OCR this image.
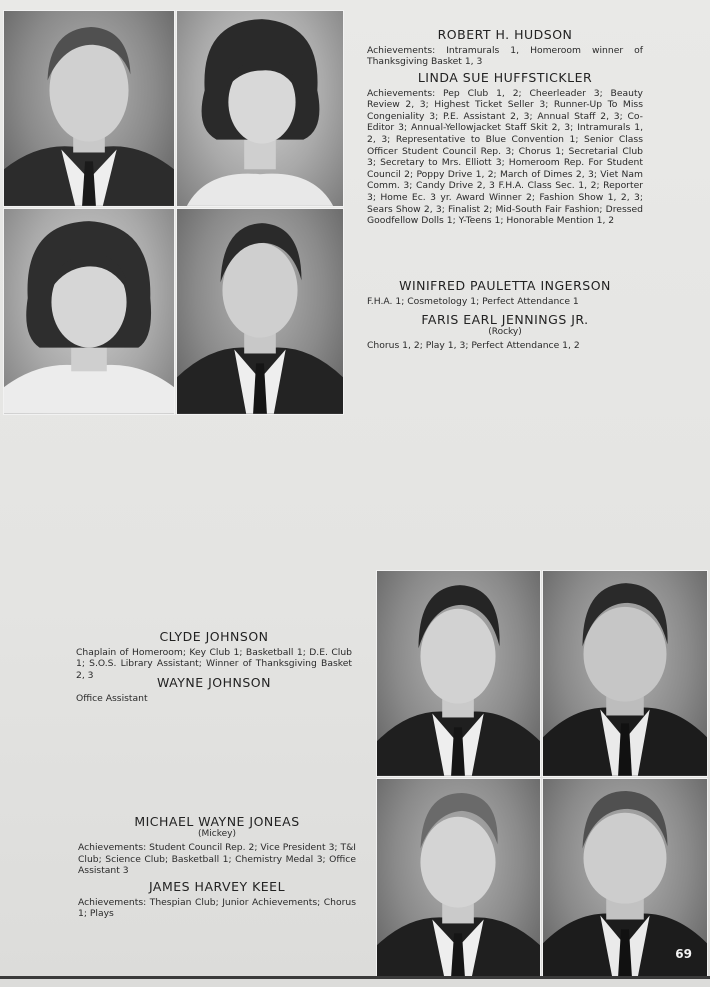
ROBERT H. HUDSON
Achievements: Intramurals 1, Homeroom winner of Thanksgiving Basket 1, 3
LINDA SUE HUFFSTICKLER
Achievements: Pep Club 1, 2; Cheerleader 3; Beauty Review 2, 3; Highest Ticket Seller 3; Runner-Up To Miss Congeniality 3; P.E. Assistant 2, 3; Annual Staff 2, 3; Co-Editor 3; Annual-Yellowjacket Staff Skit 2, 3; Intramurals 1, 2, 3; Representative to Blue Convention 1; Senior Class Officer Student Council Rep. 3; Chorus 1; Secretarial Club 3; Secretary to Mrs. Elliott 3; Homeroom Rep. For Student Council 2; Poppy Drive 1, 2; March of Dimes 2, 3; Viet Nam Comm. 3; Candy Drive 2, 3 F.H.A. Class Sec. 1, 2; Reporter 3; Home Ec. 3 yr. Award Winner 2; Fashion Show 1, 2, 3; Sears Show 2, 3; Finalist 2; Mid-South Fair Fashion; Dressed Goodfellow Dolls 1; Y-Teens 1; Honorable Mention 1, 2
WINIFRED PAULETTA INGERSON
F.H.A. 1; Cosmetology 1; Perfect Attendance 1
FARIS EARL JENNINGS JR.
(Rocky)
Chorus 1, 2; Play 1, 3; Perfect Attendance 1, 2
CLYDE JOHNSON
Chaplain of Homeroom; Key Club 1; Basketball 1; D.E. Club 1; S.O.S. Library Assistant; Winner of Thanksgiving Basket 2, 3	WAYNE JOHNSON
Office Assistant
MICHAEL WAYNE JONEAS
(Mickey)
Achievements: Student Council Rep. 2; Vice President 3; T&I Club; Science Club; Basketball 1; Chemistry Medal 3; Office Assistant 3
JAMES HARVEY KEEL
Achievements: Thespian Club; Junior Achievements; Chorus 1; Plays
69
